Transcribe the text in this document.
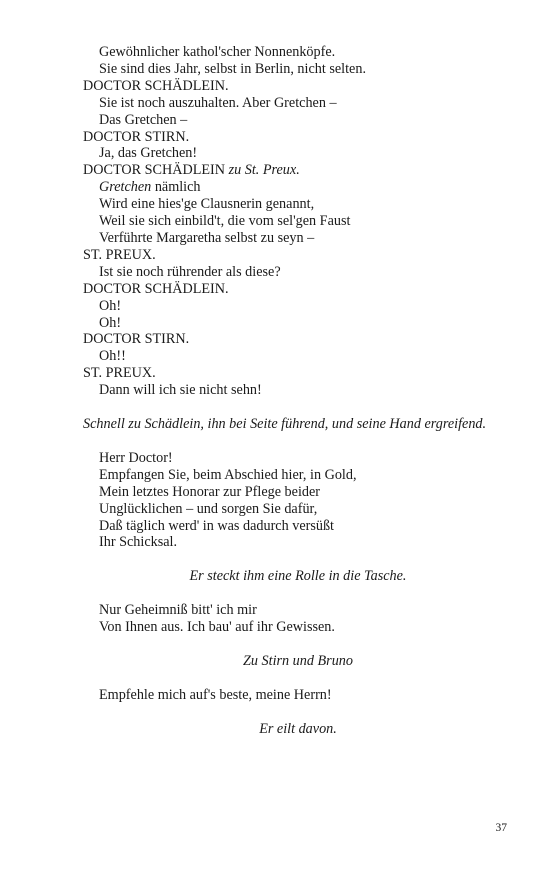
Gewöhnlicher kathol'scher Nonnenköpfe.
Sie sind dies Jahr, selbst in Berlin, nicht selten.
DOCTOR SCHÄDLEIN.
Sie ist noch auszuhalten. Aber Gretchen –
Das Gretchen –
DOCTOR STIRN.
Ja, das Gretchen!
DOCTOR SCHÄDLEIN zu St. Preux.
Gretchen nämlich
Wird eine hies'ge Clausnerin genannt,
Weil sie sich einbild't, die vom sel'gen Faust
Verführte Margaretha selbst zu seyn –
ST. PREUX.
Ist sie noch rührender als diese?
DOCTOR SCHÄDLEIN.
Oh!
Oh!
DOCTOR STIRN.
Oh!!
ST. PREUX.
Dann will ich sie nicht sehn!
Schnell zu Schädlein, ihn bei Seite führend, und seine Hand ergreifend.
Herr Doctor!
Empfangen Sie, beim Abschied hier, in Gold,
Mein letztes Honorar zur Pflege beider
Unglücklichen – und sorgen Sie dafür,
Daß täglich werd' in was dadurch versüßt
Ihr Schicksal.
Er steckt ihm eine Rolle in die Tasche.
Nur Geheimniß bitt' ich mir
Von Ihnen aus. Ich bau' auf ihr Gewissen.
Zu Stirn und Bruno
Empfehle mich auf's beste, meine Herrn!
Er eilt davon.
37
